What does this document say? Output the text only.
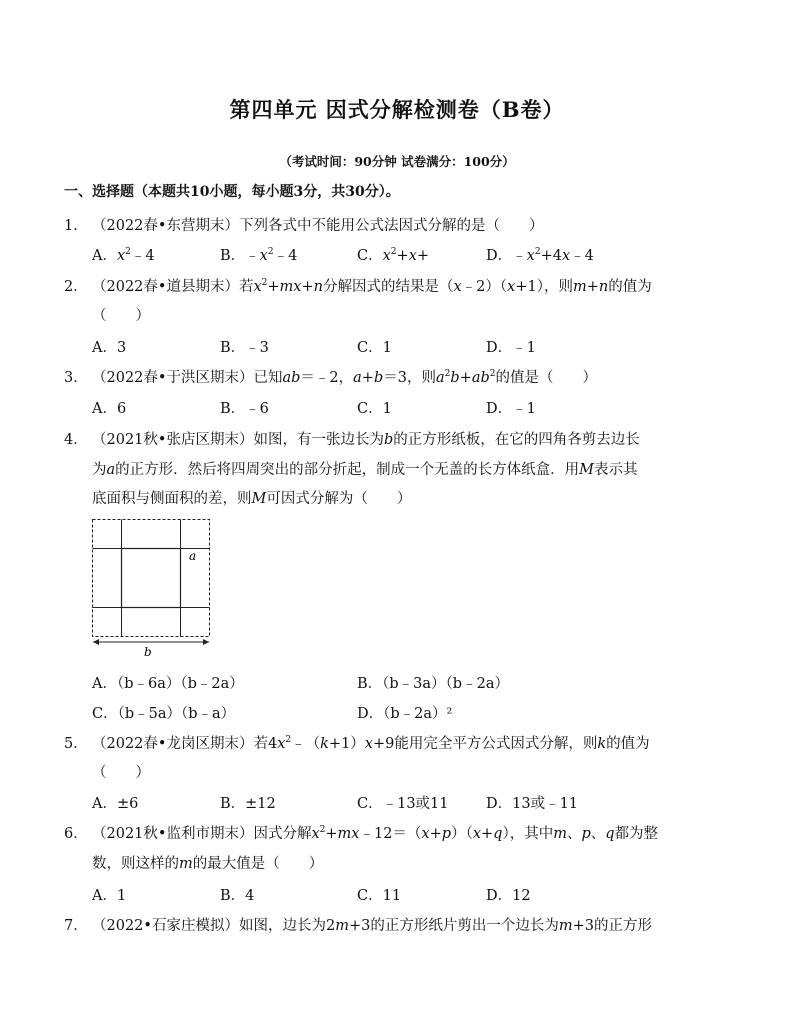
第四单元 因式分解检测卷（B卷）
（考试时间：90分钟 试卷满分：100分）
一、选择题（本题共10小题，每小题3分，共30分）。
1． （2022春•东营期末）下列各式中不能用公式法因式分解的是（　　）
A．$x^2﹣4$	B．$﹣x^2﹣4$	C．$x^2+x+$	D．$﹣x^2+4x﹣4$
2． （2022春•道县期末）若$x^2+mx+n$分解因式的结果是（x﹣2）（x+1），则m+n的值为
（　　）
A．3	B．﹣3	C．1	D．﹣1
3． （2022春•于洪区期末）已知ab＝﹣2，a+b＝3，则$a^2b+ab^2$的值是（　　）
A．6	B．﹣6	C．1	D．﹣1
4． （2021秋•张店区期末）如图，有一张边长为b的正方形纸板，在它的四角各剪去边长
为a的正方形．然后将四周突出的部分折起，制成一个无盖的长方体纸盒．用M表示其
底面积与侧面积的差，则M可因式分解为（　　）
a
b
A．（b﹣6a）（b﹣2a）	B．（b﹣3a）（b﹣2a）
C．（b﹣5a）（b﹣a）	D．（b﹣2a）²
5． （2022春•龙岗区期末）若$4x^2﹣(k+1)x+9$能用完全平方公式因式分解，则k的值为
（　　）
A．±6	B．±12	C．﹣13或11	D．13或﹣11
6． （2021秋•监利市期末）因式分解$x^2+mx﹣12=(x+p)(x+q)$，其中m、p、q都为整
数，则这样的m的最大值是（　　）
A．1	B．4	C．11	D．12
7． （2022•石家庄模拟）如图，边长为2m+3的正方形纸片剪出一个边长为m+3的正方形
